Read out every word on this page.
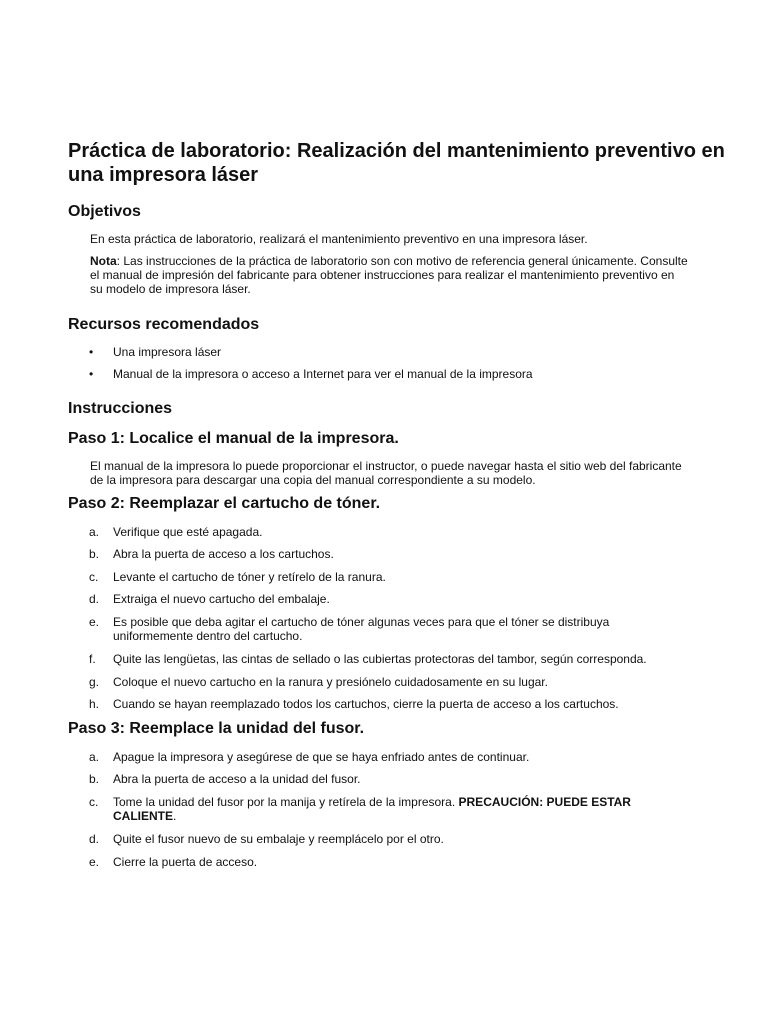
Práctica de laboratorio: Realización del mantenimiento preventivo en una impresora láser
Objetivos

En esta práctica de laboratorio, realizará el mantenimiento preventivo en una impresora láser.

Nota: Las instrucciones de la práctica de laboratorio son con motivo de referencia general únicamente. Consulte el manual de impresión del fabricante para obtener instrucciones para realizar el mantenimiento preventivo en su modelo de impresora láser.

Recursos recomendados
• Una impresora láser
• Manual de la impresora o acceso a Internet para ver el manual de la impresora
Instrucciones
Paso 1: Localice el manual de la impresora.

El manual de la impresora lo puede proporcionar el instructor, o puede navegar hasta el sitio web del fabricante de la impresora para descargar una copia del manual correspondiente a su modelo.

Paso 2: Reemplazar el cartucho de tóner.
a. Verifique que esté apagada.
b. Abra la puerta de acceso a los cartuchos.
c. Levante el cartucho de tóner y retírelo de la ranura.
d. Extraiga el nuevo cartucho del embalaje.
e. Es posible que deba agitar el cartucho de tóner algunas veces para que el tóner se distribuya uniformemente dentro del cartucho.
f. Quite las lengüetas, las cintas de sellado o las cubiertas protectoras del tambor, según corresponda.
g. Coloque el nuevo cartucho en la ranura y presiónelo cuidadosamente en su lugar.
h. Cuando se hayan reemplazado todos los cartuchos, cierre la puerta de acceso a los cartuchos.
Paso 3: Reemplace la unidad del fusor.
a. Apague la impresora y asegúrese de que se haya enfriado antes de continuar.
b. Abra la puerta de acceso a la unidad del fusor.
c. Tome la unidad del fusor por la manija y retírela de la impresora. PRECAUCIÓN: PUEDE ESTAR CALIENTE.
d. Quite el fusor nuevo de su embalaje y reemplácelo por el otro.
e. Cierre la puerta de acceso.
